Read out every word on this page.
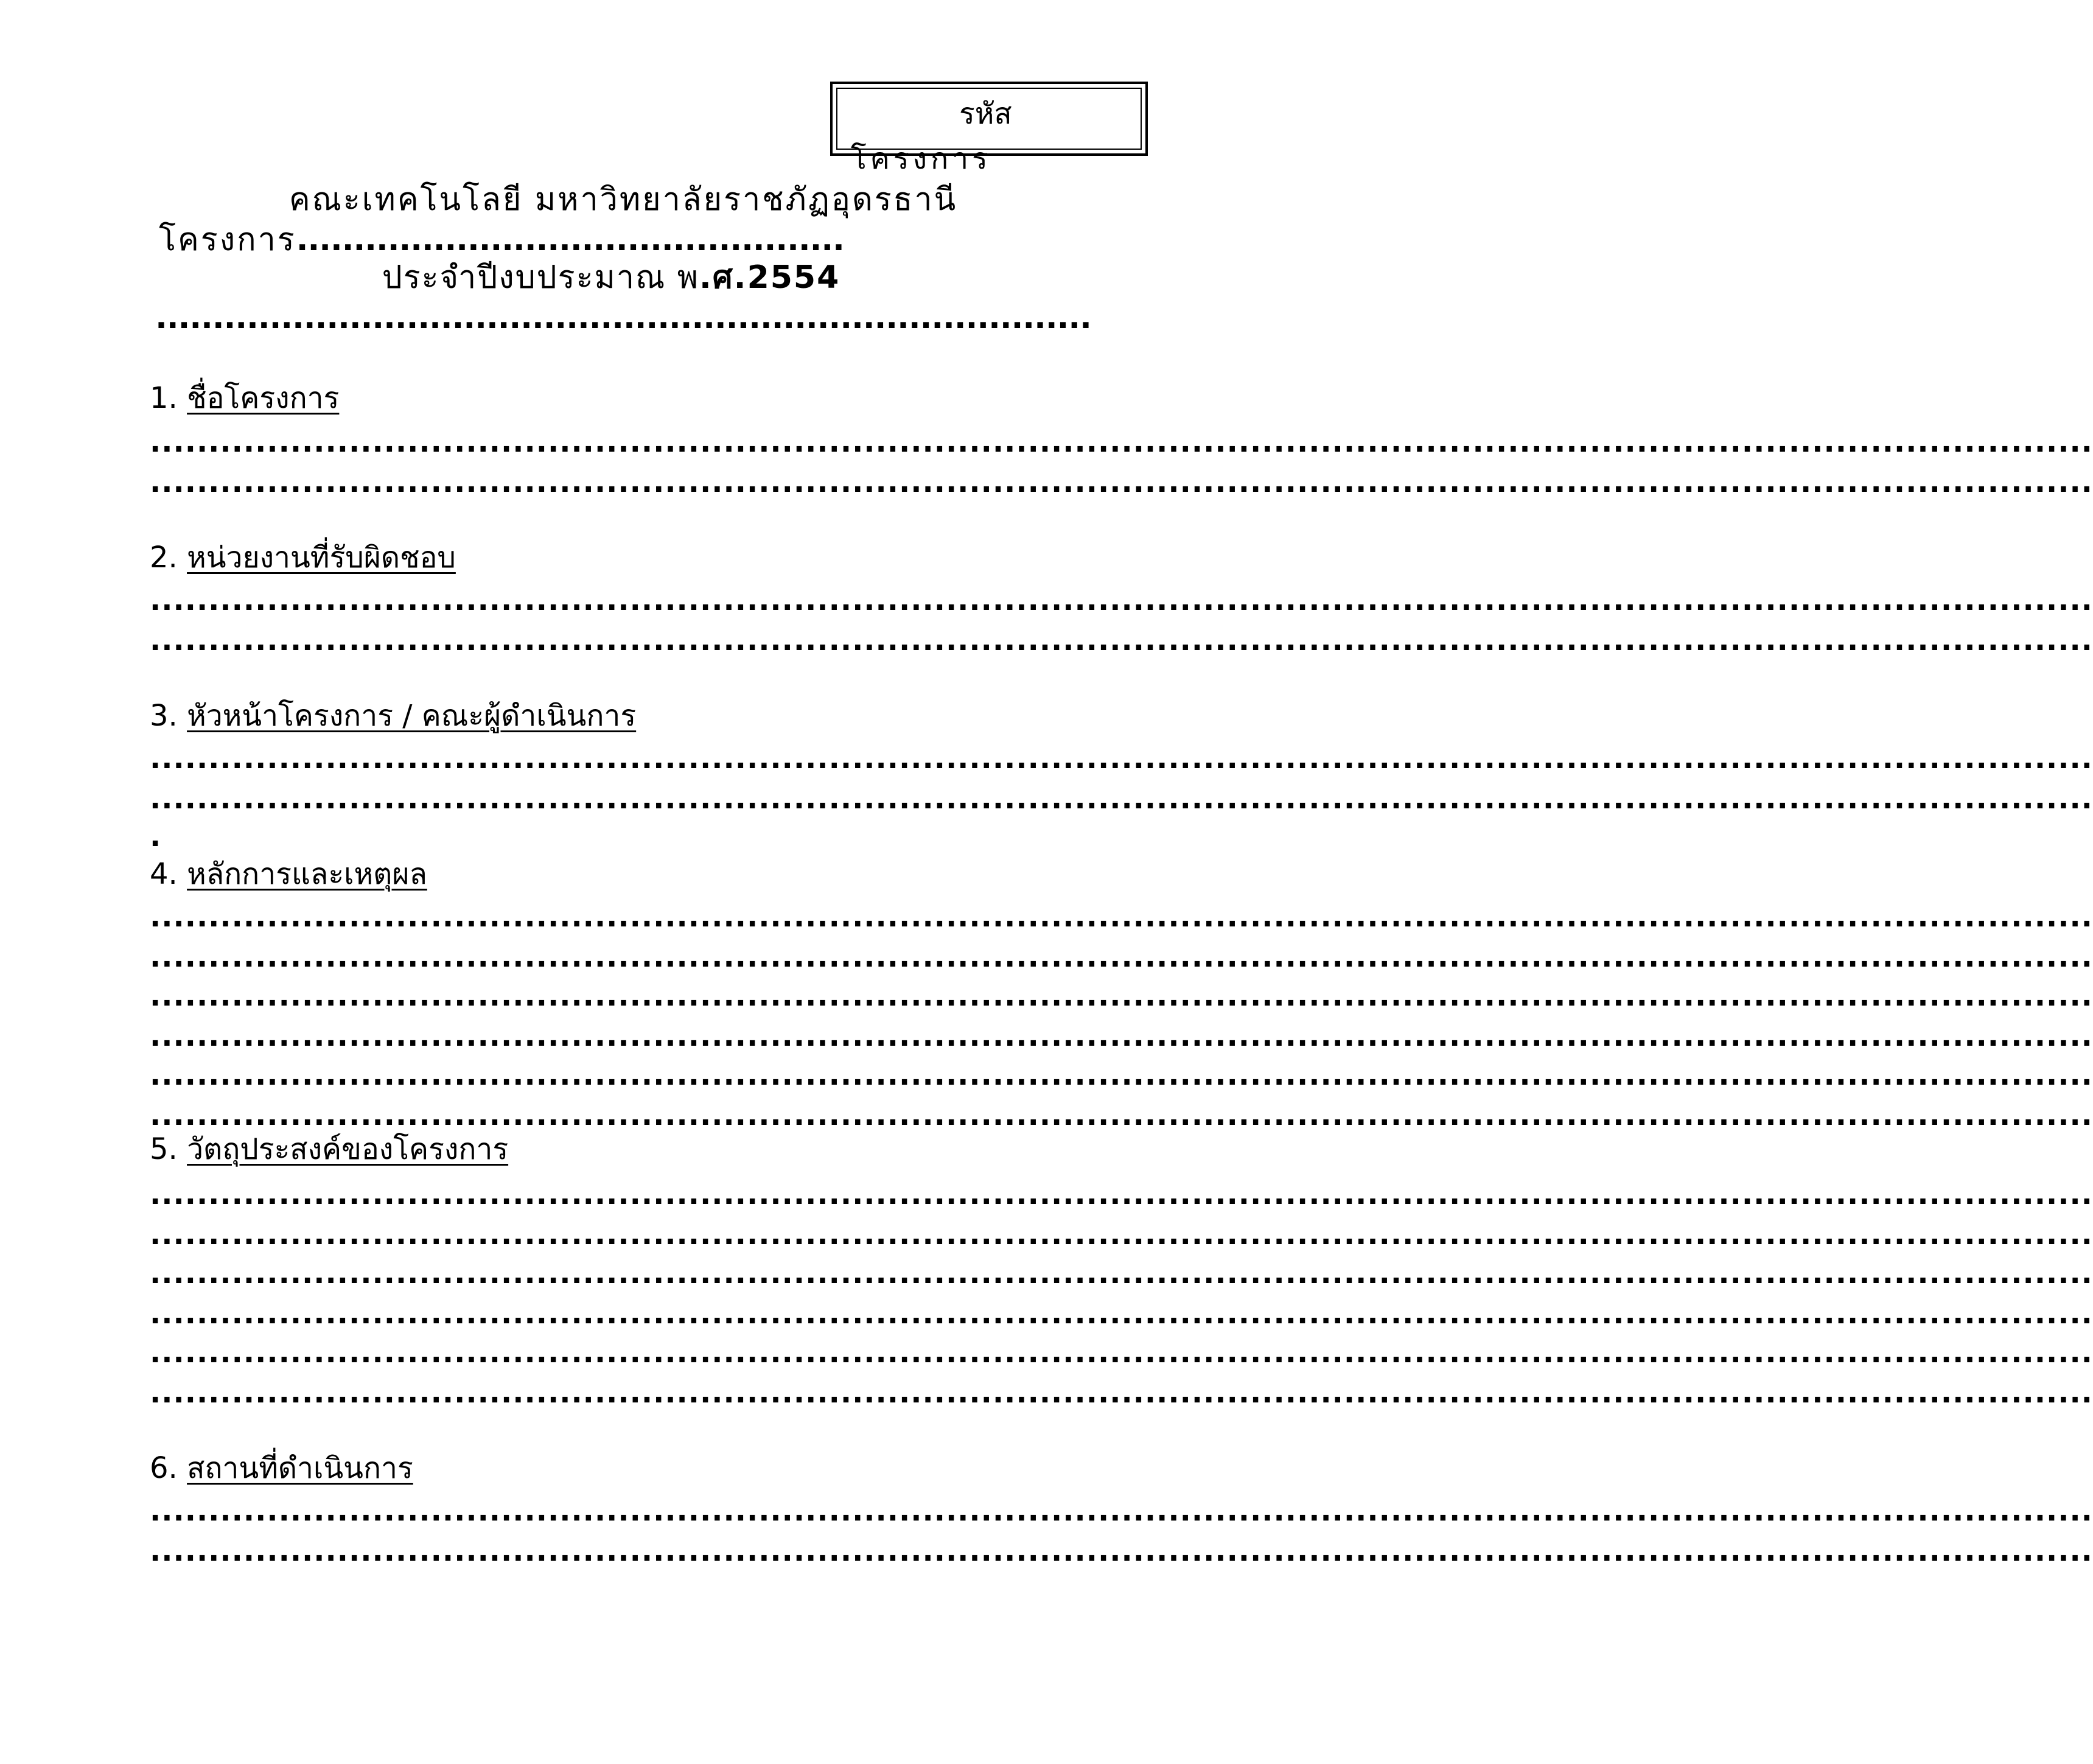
รหัส
โครงการ
คณะเทคโนโลยี มหาวิทยาลัยราชภัฏอุดรธานี
โครงการ................................................
ประจำปีงบประมาณ พ.ศ.2554
..................................................................................
1. ชื่อโครงการ
......................................................................................................................................................................
......................................................................................................................................................................
2. หน่วยงานที่รับผิดชอบ
......................................................................................................................................................................
......................................................................................................................................................................
3. หัวหน้าโครงการ / คณะผู้ดำเนินการ
......................................................................................................................................................................
......................................................................................................................................................................
.
4. หลักการและเหตุผล
......................................................................................................................................................................
......................................................................................................................................................................
......................................................................................................................................................................
......................................................................................................................................................................
......................................................................................................................................................................
......................................................................................................................................................................
5. วัตถุประสงค์ของโครงการ
......................................................................................................................................................................
......................................................................................................................................................................
......................................................................................................................................................................
......................................................................................................................................................................
......................................................................................................................................................................
......................................................................................................................................................................
6. สถานที่ดำเนินการ
......................................................................................................................................................................
......................................................................................................................................................................
